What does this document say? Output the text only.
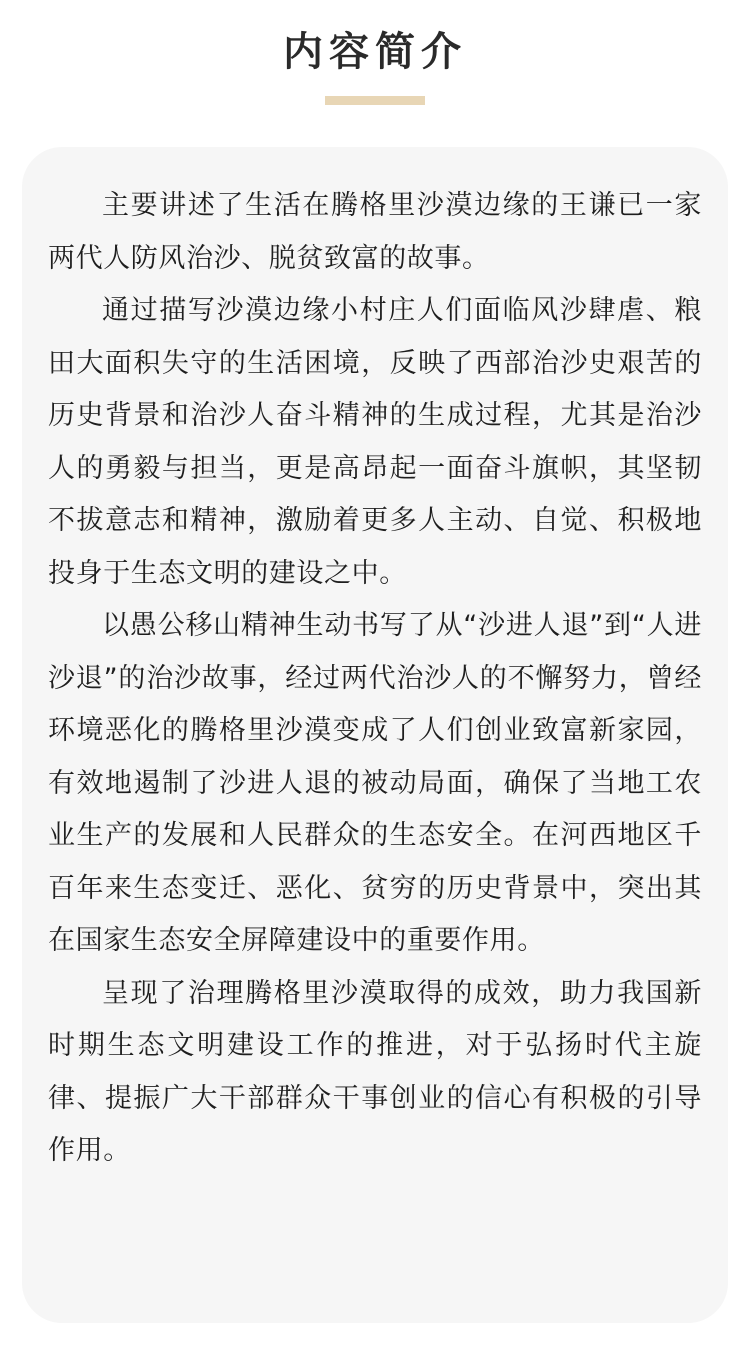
内容简介

主要讲述了生活在腾格里沙漠边缘的王谦已一家两代人防风治沙、脱贫致富的故事。

通过描写沙漠边缘小村庄人们面临风沙肆虐、粮田大面积失守的生活困境，反映了西部治沙史艰苦的历史背景和治沙人奋斗精神的生成过程，尤其是治沙人的勇毅与担当，更是高昂起一面奋斗旗帜，其坚韧不拔意志和精神，激励着更多人主动、自觉、积极地投身于生态文明的建设之中。

以愚公移山精神生动书写了从“沙进人退”到“人进沙退”的治沙故事，经过两代治沙人的不懈努力，曾经环境恶化的腾格里沙漠变成了人们创业致富新家园，有效地遏制了沙进人退的被动局面，确保了当地工农业生产的发展和人民群众的生态安全。在河西地区千百年来生态变迁、恶化、贫穷的历史背景中，突出其在国家生态安全屏障建设中的重要作用。

呈现了治理腾格里沙漠取得的成效，助力我国新时期生态文明建设工作的推进，对于弘扬时代主旋律、提振广大干部群众干事创业的信心有积极的引导作用。
